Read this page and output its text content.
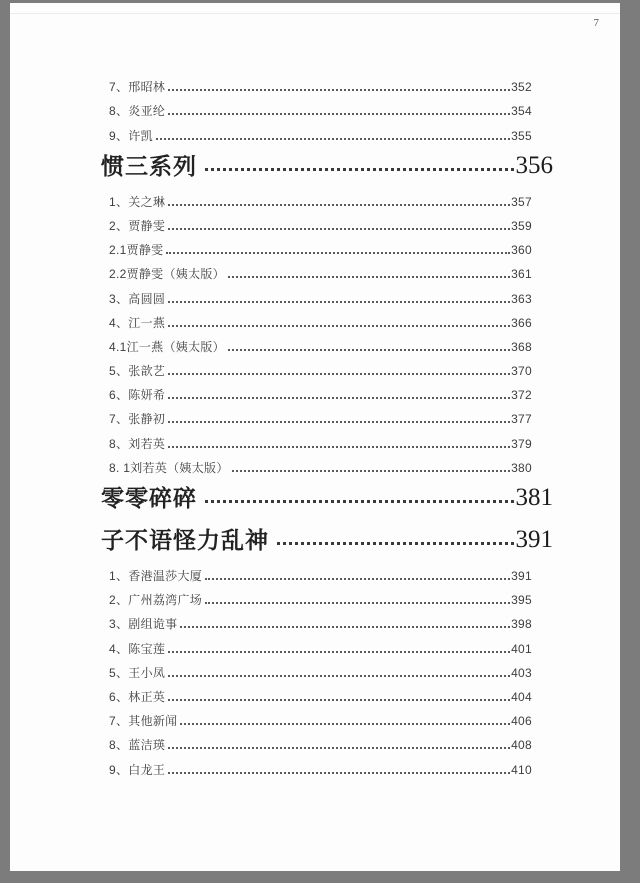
7、邢昭林	352
8、炎亚纶	354
9、许凯	355
惯三系列	356
1、关之琳	357
2、贾静雯	359
2.1贾静雯	360
2.2贾静雯（姨太版）	361
3、高圆圆	363
4、江一燕	366
4.1江一燕（姨太版）	368
5、张歆艺	370
6、陈妍希	372
7、张静初	377
8、刘若英	379
8. 1刘若英（姨太版）	380
零零碎碎	381
子不语怪力乱神	391
1、香港温莎大厦	391
2、广州荔湾广场	395
3、剧组诡事	398
4、陈宝莲	401
5、王小凤	403
6、林正英	404
7、其他新闻	406
8、蓝洁瑛	408
9、白龙王	410
7
